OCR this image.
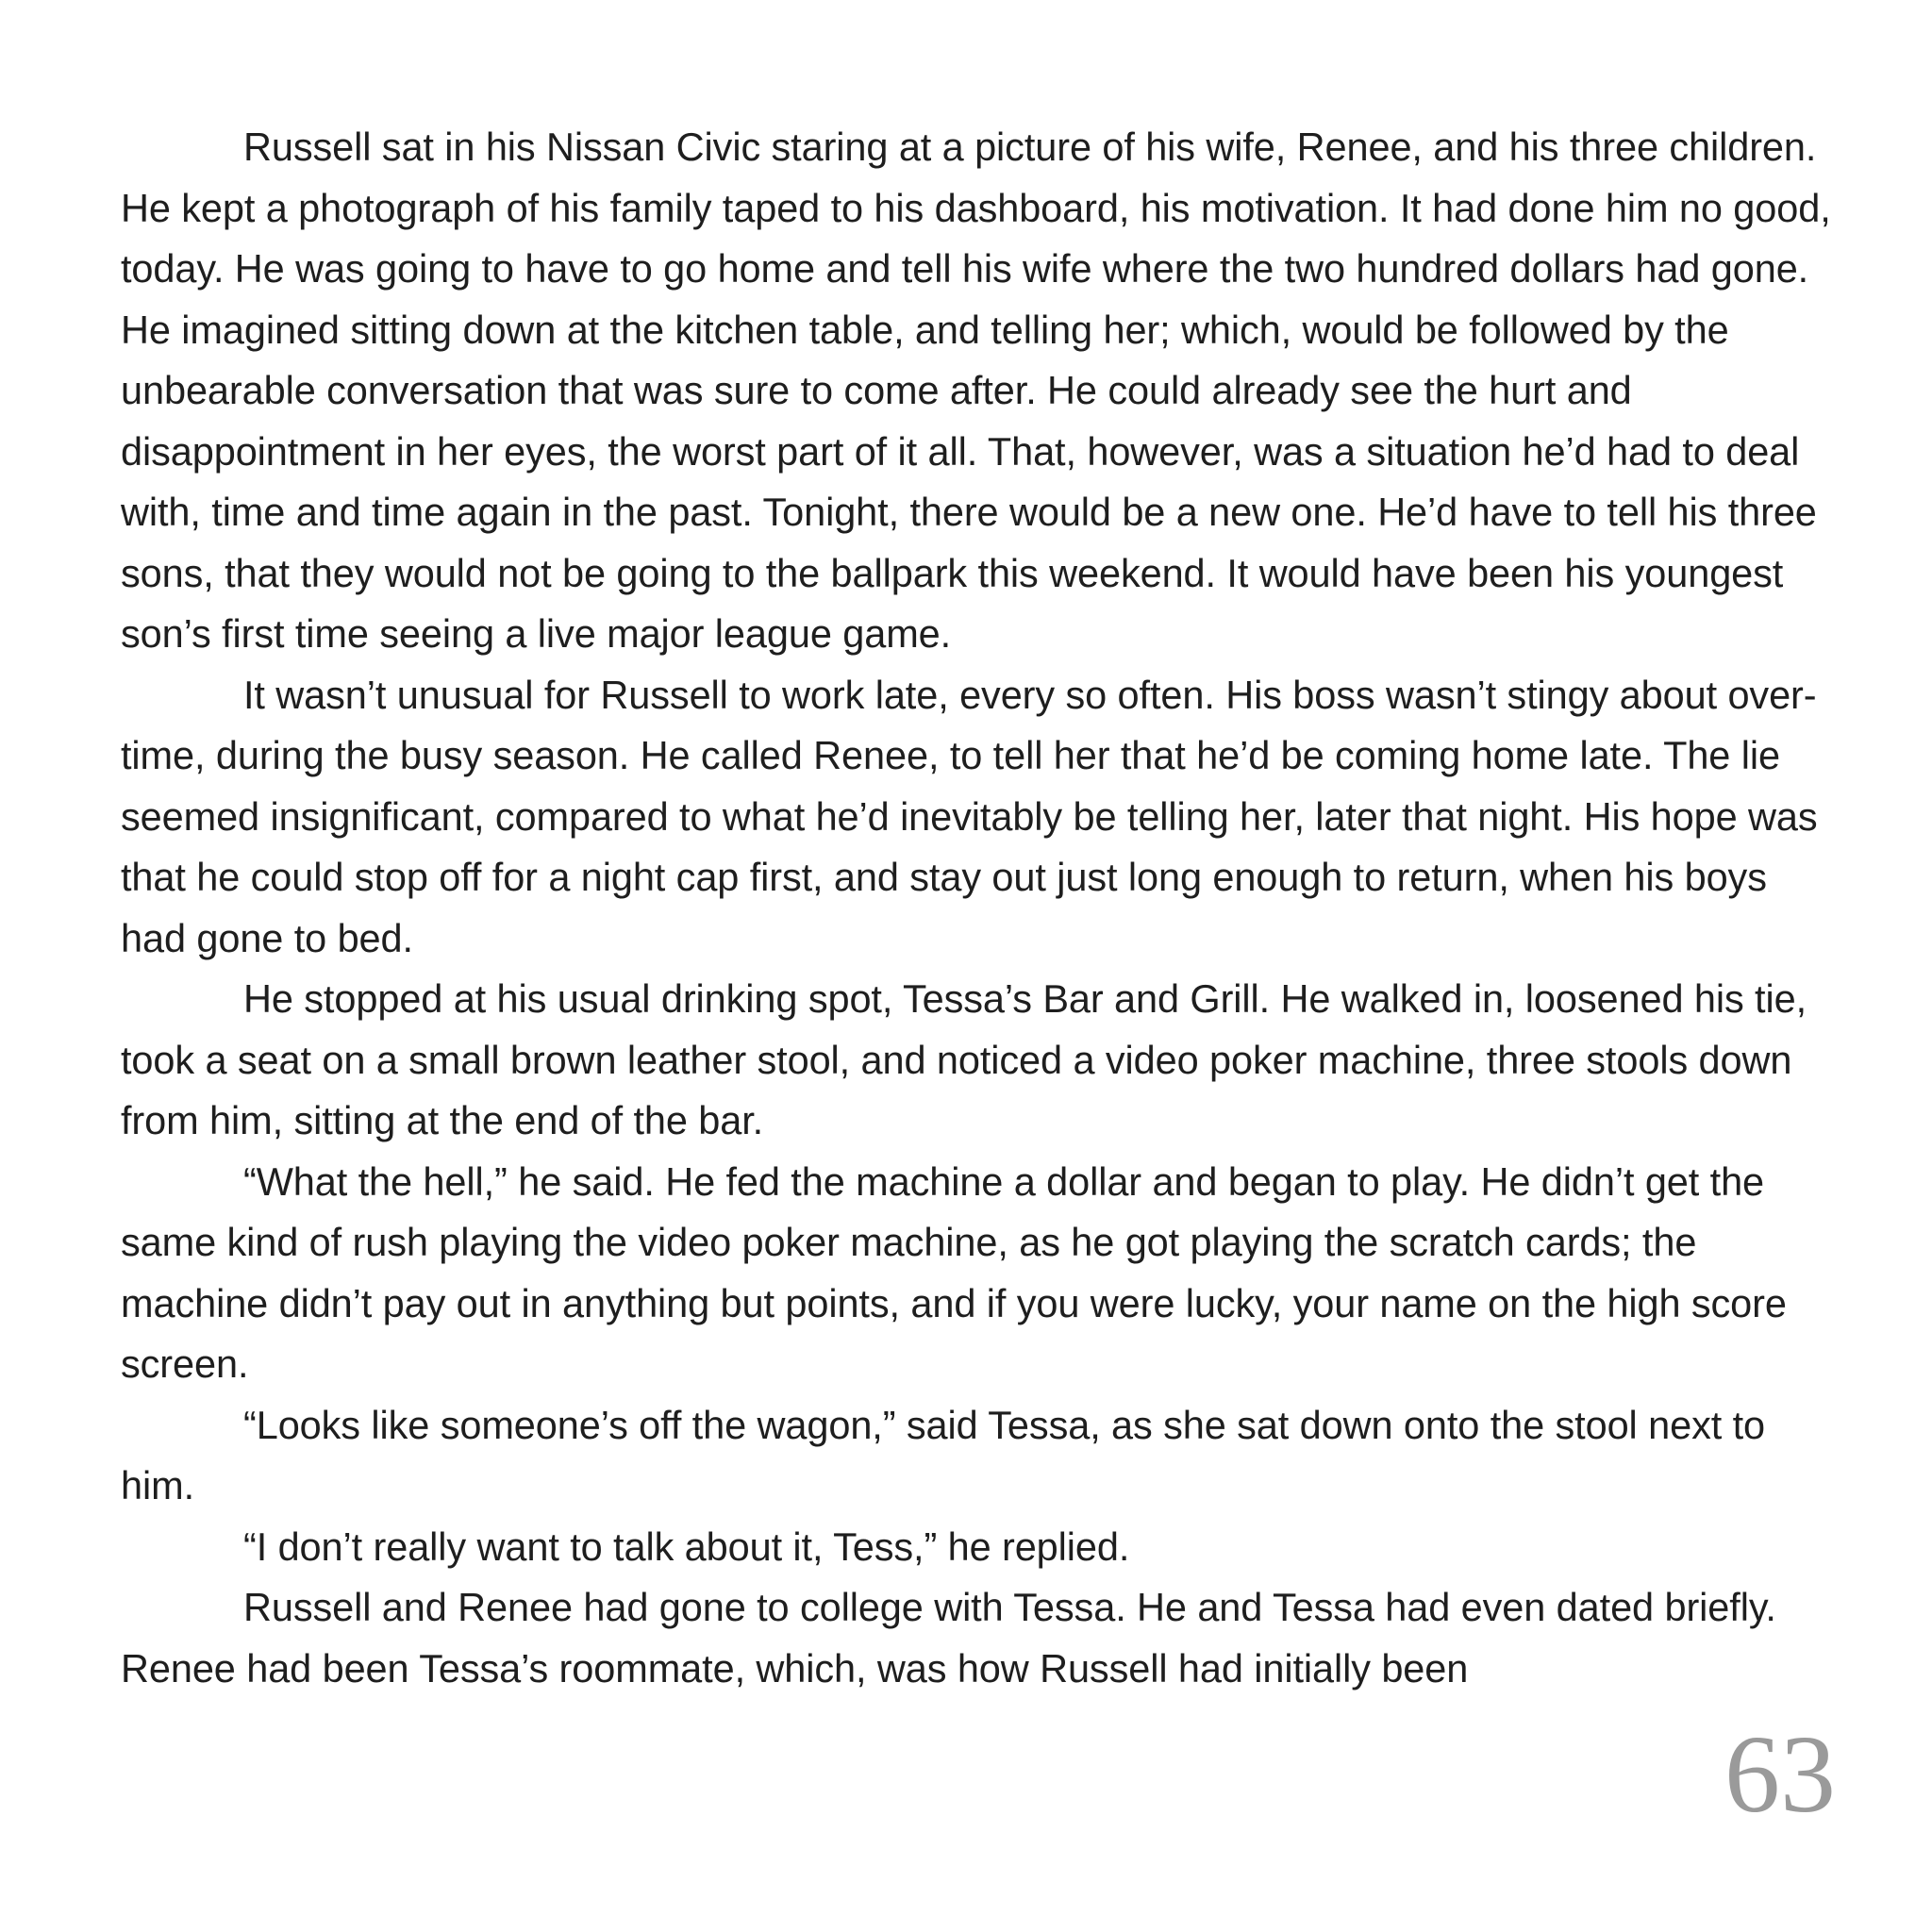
Russell sat in his Nissan Civic staring at a picture of his wife, Renee, and his three children. He kept a photograph of his family taped to his dashboard, his motivation. It had done him no good, today. He was going to have to go home and tell his wife where the two hundred dollars had gone. He imagined sitting down at the kitchen table, and telling her; which, would be followed by the unbearable conversation that was sure to come after. He could already see the hurt and disappointment in her eyes, the worst part of it all. That, however, was a situation he’d had to deal with, time and time again in the past. Tonight, there would be a new one. He’d have to tell his three sons, that they would not be going to the ballpark this weekend. It would have been his youngest son’s first time seeing a live major league game.

It wasn’t unusual for Russell to work late, every so often. His boss wasn’t stingy about over-time, during the busy season. He called Renee, to tell her that he’d be coming home late. The lie seemed insignificant, compared to what he’d inevitably be telling her, later that night. His hope was that he could stop off for a night cap first, and stay out just long enough to return, when his boys had gone to bed.

He stopped at his usual drinking spot, Tessa’s Bar and Grill. He walked in, loosened his tie, took a seat on a small brown leather stool, and noticed a video poker machine, three stools down from him, sitting at the end of the bar.

“What the hell,” he said. He fed the machine a dollar and began to play. He didn’t get the same kind of rush playing the video poker machine, as he got playing the scratch cards; the machine didn’t pay out in anything but points, and if you were lucky, your name on the high score screen.

“Looks like someone’s off the wagon,” said Tessa, as she sat down onto the stool next to him.

“I don’t really want to talk about it, Tess,” he replied.

Russell and Renee had gone to college with Tessa. He and Tessa had even dated briefly. Renee had been Tessa’s roommate, which, was how Russell had initially been

63
